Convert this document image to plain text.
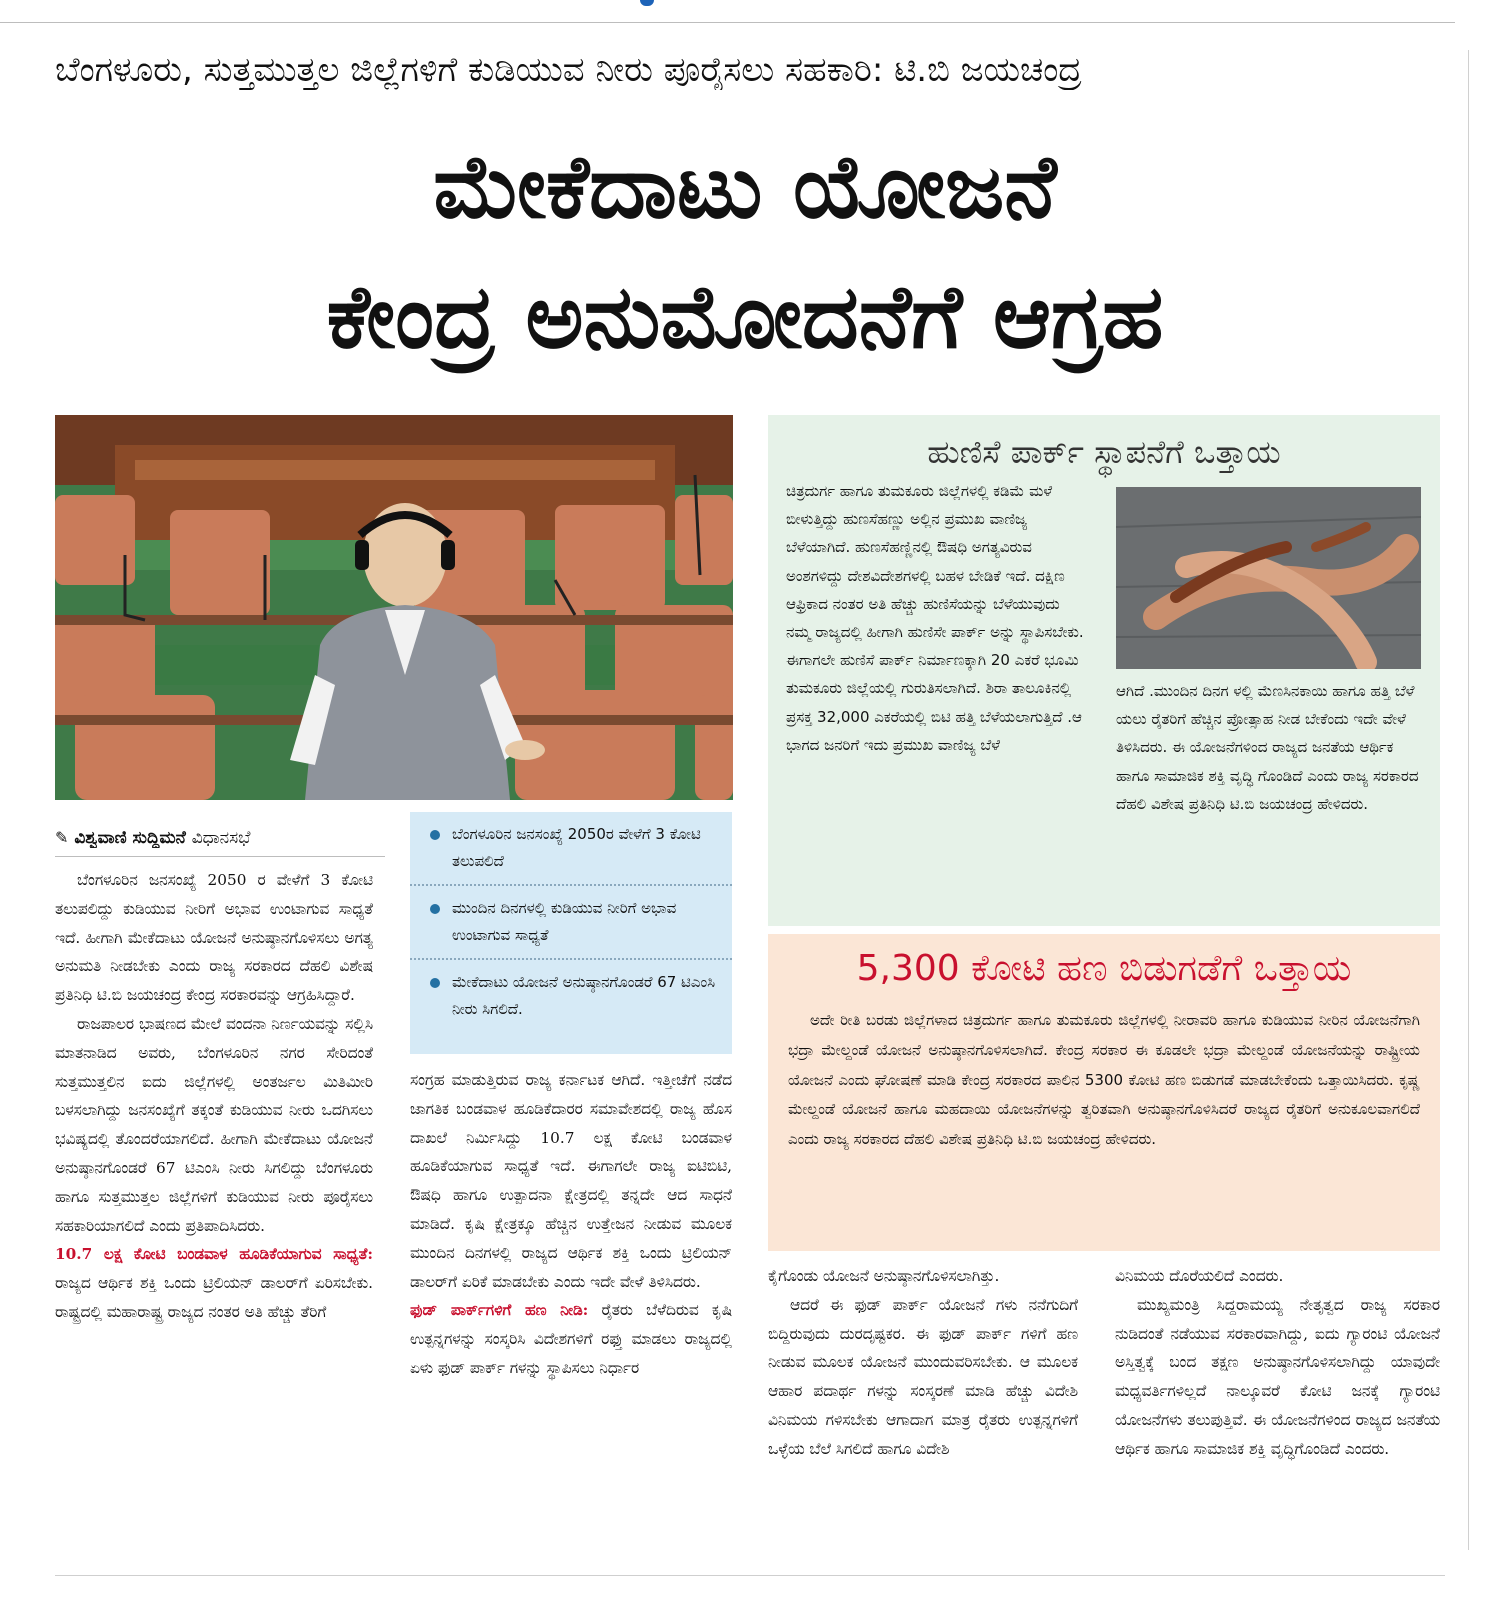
ಬೆಂಗಳೂರು, ಸುತ್ತಮುತ್ತಲ ಜಿಲ್ಲೆಗಳಿಗೆ ಕುಡಿಯುವ ನೀರು ಪೂರೈಸಲು ಸಹಕಾರಿ: ಟಿ.ಬಿ ಜಯಚಂದ್ರ
ಮೇಕೆದಾಟು ಯೋಜನೆ
ಕೇಂದ್ರ ಅನುಮೋದನೆಗೆ ಆಗ್ರಹ
✎ ವಿಶ್ವವಾಣಿ ಸುದ್ದಿಮನೆ ವಿಧಾನಸಭೆ	ಬೆಂಗಳೂರಿನ ಜನಸಂಖ್ಯೆ 2050ರ ವೇಳೆಗೆ 3 ಕೋಟಿ ತಲುಪಲಿದೆ
ಮುಂದಿನ ದಿನಗಳಲ್ಲಿ ಕುಡಿಯುವ ನೀರಿಗೆ ಅಭಾವ ಉಂಟಾಗುವ ಸಾಧ್ಯತೆ
ಮೇಕೆದಾಟು ಯೋಜನೆ ಅನುಷ್ಠಾನಗೊಂಡರೆ 67 ಟಿಎಂಸಿ ನೀರು ಸಿಗಲಿದೆ.

ಬೆಂಗಳೂರಿನ ಜನಸಂಖ್ಯೆ 2050 ರ ವೇಳೆಗೆ 3 ಕೋಟಿ ತಲುಪಲಿದ್ದು ಕುಡಿಯುವ ನೀರಿಗೆ ಅಭಾವ ಉಂಟಾಗುವ ಸಾಧ್ಯತೆ ಇದೆ. ಹೀಗಾಗಿ ಮೇಕೆದಾಟು ಯೋಜನೆ ಅನುಷ್ಠಾನಗೊಳಿಸಲು ಅಗತ್ಯ ಅನುಮತಿ ನೀಡಬೇಕು ಎಂದು ರಾಜ್ಯ ಸರಕಾರದ ದೆಹಲಿ ವಿಶೇಷ ಪ್ರತಿನಿಧಿ ಟಿ.ಬಿ ಜಯಚಂದ್ರ ಕೇಂದ್ರ ಸರಕಾರವನ್ನು ಆಗ್ರಹಿಸಿದ್ದಾರೆ.

ರಾಜಪಾಲರ ಭಾಷಣದ ಮೇಲೆ ವಂದನಾ ನಿರ್ಣಯವನ್ನು ಸಲ್ಲಿಸಿ ಮಾತನಾಡಿದ ಅವರು, ಬೆಂಗಳೂರಿನ ನಗರ ಸೇರಿದಂತೆ ಸುತ್ತಮುತ್ತಲಿನ ಐದು ಜಿಲ್ಲೆಗಳಲ್ಲಿ ಅಂತರ್ಜಲ ಮಿತಿಮೀರಿ ಬಳಸಲಾಗಿದ್ದು ಜನಸಂಖ್ಯೆಗೆ ತಕ್ಕಂತೆ ಕುಡಿಯುವ ನೀರು ಒದಗಿಸಲು ಭವಿಷ್ಯದಲ್ಲಿ ತೊಂದರೆಯಾಗಲಿದೆ. ಹೀಗಾಗಿ ಮೇಕೆದಾಟು ಯೋಜನೆ ಅನುಷ್ಠಾನಗೊಂಡರೆ 67 ಟಿಎಂಸಿ ನೀರು ಸಿಗಲಿದ್ದು ಬೆಂಗಳೂರು ಹಾಗೂ ಸುತ್ತಮುತ್ತಲ ಜಿಲ್ಲೆಗಳಿಗೆ ಕುಡಿಯುವ ನೀರು ಪೂರೈಸಲು ಸಹಕಾರಿಯಾಗಲಿದೆ ಎಂದು ಪ್ರತಿಪಾದಿಸಿದರು.

10.7 ಲಕ್ಷ ಕೋಟಿ ಬಂಡವಾಳ ಹೂಡಿಕೆಯಾಗುವ ಸಾಧ್ಯತೆ: ರಾಜ್ಯದ ಆರ್ಥಿಕ ಶಕ್ತಿ ಒಂದು ಟ್ರಿಲಿಯನ್ ಡಾಲರ್‌ಗೆ ಏರಿಸಬೇಕು. ರಾಷ್ಟ್ರದಲ್ಲಿ ಮಹಾರಾಷ್ಟ್ರ ರಾಜ್ಯದ ನಂತರ ಅತಿ ಹೆಚ್ಚು ತೆರಿಗೆ

ಸಂಗ್ರಹ ಮಾಡುತ್ತಿರುವ ರಾಜ್ಯ ಕರ್ನಾಟಕ ಆಗಿದೆ. ಇತ್ತೀಚೆಗೆ ನಡೆದ ಜಾಗತಿಕ ಬಂಡವಾಳ ಹೂಡಿಕೆದಾರರ ಸಮಾವೇಶದಲ್ಲಿ ರಾಜ್ಯ ಹೊಸ ದಾಖಲೆ ನಿರ್ಮಿಸಿದ್ದು 10.7 ಲಕ್ಷ ಕೋಟಿ ಬಂಡವಾಳ ಹೂಡಿಕೆಯಾಗುವ ಸಾಧ್ಯತೆ ಇದೆ. ಈಗಾಗಲೇ ರಾಜ್ಯ ಐಟಿಬಿಟಿ, ಔಷಧಿ ಹಾಗೂ ಉತ್ಪಾದನಾ ಕ್ಷೇತ್ರದಲ್ಲಿ ತನ್ನದೇ ಆದ ಸಾಧನೆ ಮಾಡಿದೆ. ಕೃಷಿ ಕ್ಷೇತ್ರಕ್ಕೂ ಹೆಚ್ಚಿನ ಉತ್ತೇಜನ ನೀಡುವ ಮೂಲಕ ಮುಂದಿನ ದಿನಗಳಲ್ಲಿ ರಾಜ್ಯದ ಆರ್ಥಿಕ ಶಕ್ತಿ ಒಂದು ಟ್ರಿಲಿಯನ್ ಡಾಲರ್‌ಗೆ ಏರಿಕೆ ಮಾಡಬೇಕು ಎಂದು ಇದೇ ವೇಳೆ ತಿಳಿಸಿದರು.

ಫುಡ್ ಪಾರ್ಕ್‌ಗಳಿಗೆ ಹಣ ನೀಡಿ: ರೈತರು ಬೆಳೆದಿರುವ ಕೃಷಿ ಉತ್ಪನ್ನಗಳನ್ನು ಸಂಸ್ಕರಿಸಿ ವಿದೇಶಗಳಿಗೆ ರಫ್ತು ಮಾಡಲು ರಾಜ್ಯದಲ್ಲಿ ಏಳು ಫುಡ್ ಪಾರ್ಕ್ ಗಳನ್ನು ಸ್ಥಾಪಿಸಲು ನಿರ್ಧಾರ

ಕೈಗೊಂಡು ಯೋಜನೆ ಅನುಷ್ಠಾನಗೊಳಿಸಲಾಗಿತ್ತು.

ಆದರೆ ಈ ಫುಡ್ ಪಾರ್ಕ್ ಯೋಜನೆ ಗಳು ನನೆಗುದಿಗೆ ಬಿದ್ದಿರುವುದು ದುರದೃಷ್ಟಕರ. ಈ ಫುಡ್ ಪಾರ್ಕ್ ಗಳಿಗೆ ಹಣ ನೀಡುವ ಮೂಲಕ ಯೋಜನೆ ಮುಂದುವರಿಸಬೇಕು. ಆ ಮೂಲಕ ಆಹಾರ ಪದಾರ್ಥ ಗಳನ್ನು ಸಂಸ್ಕರಣೆ ಮಾಡಿ ಹೆಚ್ಚು ವಿದೇಶಿ ವಿನಿಮಯ ಗಳಿಸಬೇಕು ಆಗಾದಾಗ ಮಾತ್ರ ರೈತರು ಉತ್ಪನ್ನಗಳಿಗೆ ಒಳ್ಳೆಯ ಬೆಲೆ ಸಿಗಲಿದೆ ಹಾಗೂ ವಿದೇಶಿ

ವಿನಿಮಯ ದೊರೆಯಲಿದೆ ಎಂದರು.

ಮುಖ್ಯಮಂತ್ರಿ ಸಿದ್ದರಾಮಯ್ಯ ನೇತೃತ್ವದ ರಾಜ್ಯ ಸರಕಾರ ನುಡಿದಂತೆ ನಡೆಯುವ ಸರಕಾರವಾಗಿದ್ದು, ಐದು ಗ್ಯಾರಂಟಿ ಯೋಜನೆ ಅಸ್ತಿತ್ವಕ್ಕೆ ಬಂದ ತಕ್ಷಣ ಅನುಷ್ಠಾನಗೊಳಿಸಲಾಗಿದ್ದು ಯಾವುದೇ ಮಧ್ಯವರ್ತಿಗಳಿಲ್ಲದೆ ನಾಲ್ಕೂವರೆ ಕೋಟಿ ಜನಕ್ಕೆ ಗ್ಯಾರಂಟಿ ಯೋಜನೆಗಳು ತಲುಪುತ್ತಿವೆ. ಈ ಯೋಜನೆಗಳಿಂದ ರಾಜ್ಯದ ಜನತೆಯ ಆರ್ಥಿಕ ಹಾಗೂ ಸಾಮಾಜಿಕ ಶಕ್ತಿ ವೃದ್ಧಿಗೊಂಡಿದೆ ಎಂದರು.

ಹುಣಿಸೆ ಪಾರ್ಕ್ ಸ್ಥಾಪನೆಗೆ ಒತ್ತಾಯ
ಚಿತ್ರದುರ್ಗ ಹಾಗೂ ತುಮಕೂರು ಜಿಲ್ಲೆಗಳಲ್ಲಿ ಕಡಿಮೆ ಮಳೆ ಬೀಳುತ್ತಿದ್ದು ಹುಣಸೆಹಣ್ಣು ಅಲ್ಲಿನ ಪ್ರಮುಖ ವಾಣಿಜ್ಯ ಬೆಳೆಯಾಗಿದೆ. ಹುಣಸೆಹಣ್ಣಿನಲ್ಲಿ ಔಷಧಿ ಅಗತ್ಯವಿರುವ ಅಂಶಗಳಿದ್ದು ದೇಶವಿದೇಶಗಳಲ್ಲಿ ಬಹಳ ಬೇಡಿಕೆ ಇದೆ. ದಕ್ಷಿಣ ಆಫ್ರಿಕಾದ ನಂತರ ಅತಿ ಹೆಚ್ಚು ಹುಣಿಸೆಯನ್ನು ಬೆಳೆಯುವುದು ನಮ್ಮ ರಾಜ್ಯದಲ್ಲಿ ಹೀಗಾಗಿ ಹುಣಿಸೇ ಪಾರ್ಕ್ ಅನ್ನು ಸ್ಥಾಪಿಸಬೇಕು. ಈಗಾಗಲೇ ಹುಣಿಸೆ ಪಾರ್ಕ್ ನಿರ್ಮಾಣಕ್ಕಾಗಿ 20 ಎಕರೆ ಭೂಮಿ ತುಮಕೂರು ಜಿಲ್ಲೆಯಲ್ಲಿ ಗುರುತಿಸಲಾಗಿದೆ. ಶಿರಾ ತಾಲೂಕಿನಲ್ಲಿ ಪ್ರಸಕ್ತ 32,000 ಎಕರೆಯಲ್ಲಿ ಬಿಟಿ ಹತ್ತಿ ಬೆಳೆಯಲಾಗುತ್ತಿದೆ .ಆ ಭಾಗದ ಜನರಿಗೆ ಇದು ಪ್ರಮುಖ ವಾಣಿಜ್ಯ ಬೆಳೆ
ಆಗಿದೆ .ಮುಂದಿನ ದಿನಗ ಳಲ್ಲಿ ಮೆಣಸಿನಕಾಯಿ ಹಾಗೂ ಹತ್ತಿ ಬೆಳೆ ಯಲು ರೈತರಿಗೆ ಹೆಚ್ಚಿನ ಪ್ರೋತ್ಸಾಹ ನೀಡ ಬೇಕೆಂದು ಇದೇ ವೇಳೆ ತಿಳಿಸಿದರು. ಈ ಯೋಜನೆಗಳಿಂದ ರಾಜ್ಯದ ಜನತೆಯ ಆರ್ಥಿಕ ಹಾಗೂ ಸಾಮಾಜಿಕ ಶಕ್ತಿ ವೃದ್ಧಿ ಗೊಂಡಿದೆ ಎಂದು ರಾಜ್ಯ ಸರಕಾರದ ದೆಹಲಿ ವಿಶೇಷ ಪ್ರತಿನಿಧಿ ಟಿ.ಬಿ ಜಯಚಂದ್ರ ಹೇಳಿದರು.
5,300 ಕೋಟಿ ಹಣ ಬಿಡುಗಡೆಗೆ ಒತ್ತಾಯ

ಅದೇ ರೀತಿ ಬರಡು ಜಿಲ್ಲೆಗಳಾದ ಚಿತ್ರದುರ್ಗ ಹಾಗೂ ತುಮಕೂರು ಜಿಲ್ಲೆಗಳಲ್ಲಿ ನೀರಾವರಿ ಹಾಗೂ ಕುಡಿಯುವ ನೀರಿನ ಯೋಜನೆಗಾಗಿ ಭದ್ರಾ ಮೇಲ್ದಂಡೆ ಯೋಜನೆ ಅನುಷ್ಠಾನಗೊಳಿಸಲಾಗಿದೆ. ಕೇಂದ್ರ ಸರಕಾರ ಈ ಕೂಡಲೇ ಭದ್ರಾ ಮೇಲ್ದಂಡೆ ಯೋಜನೆಯನ್ನು ರಾಷ್ಟ್ರೀಯ ಯೋಜನೆ ಎಂದು ಘೋಷಣೆ ಮಾಡಿ ಕೇಂದ್ರ ಸರಕಾರದ ಪಾಲಿನ 5300 ಕೋಟಿ ಹಣ ಬಿಡುಗಡೆ ಮಾಡಬೇಕೆಂದು ಒತ್ತಾಯಿಸಿದರು. ಕೃಷ್ಣ ಮೇಲ್ದಂಡೆ ಯೋಜನೆ ಹಾಗೂ ಮಹದಾಯಿ ಯೋಜನೆಗಳನ್ನು ತ್ವರಿತವಾಗಿ ಅನುಷ್ಠಾನಗೊಳಿಸಿದರೆ ರಾಜ್ಯದ ರೈತರಿಗೆ ಅನುಕೂಲವಾಗಲಿದೆ ಎಂದು ರಾಜ್ಯ ಸರಕಾರದ ದೆಹಲಿ ವಿಶೇಷ ಪ್ರತಿನಿಧಿ ಟಿ.ಬಿ ಜಯಚಂದ್ರ ಹೇಳಿದರು.
